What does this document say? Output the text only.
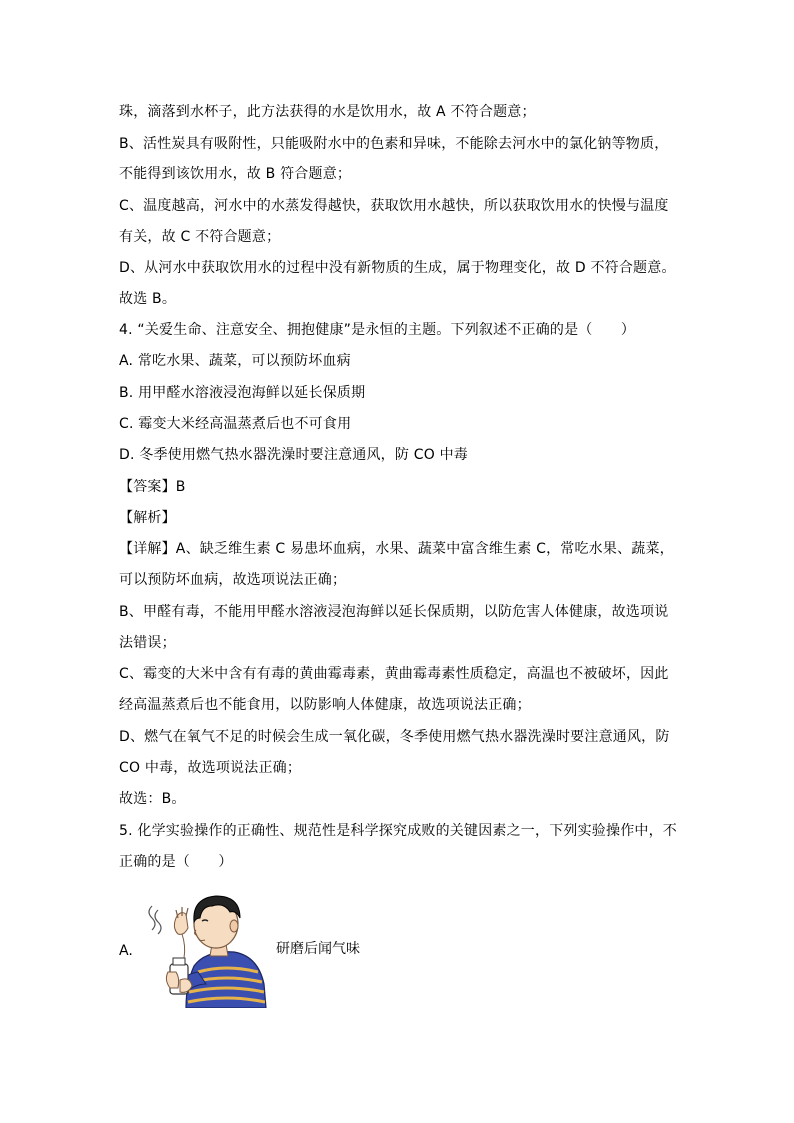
珠，滴落到水杯子，此方法获得的水是饮用水，故 A 不符合题意；
B、活性炭具有吸附性，只能吸附水中的色素和异味，不能除去河水中的氯化钠等物质，
不能得到该饮用水，故 B 符合题意；
C、温度越高，河水中的水蒸发得越快，获取饮用水越快，所以获取饮用水的快慢与温度
有关，故 C 不符合题意；
D、从河水中获取饮用水的过程中没有新物质的生成，属于物理变化，故 D 不符合题意。
故选 B。
4. “关爱生命、注意安全、拥抱健康”是永恒的主题。下列叙述不正确的是（　　）
A. 常吃水果、蔬菜，可以预防坏血病
B. 用甲醛水溶液浸泡海鲜以延长保质期
C. 霉变大米经高温蒸煮后也不可食用
D. 冬季使用燃气热水器洗澡时要注意通风，防 CO 中毒
【答案】B
【解析】
【详解】A、缺乏维生素 C 易患坏血病，水果、蔬菜中富含维生素 C，常吃水果、蔬菜，
可以预防坏血病，故选项说法正确；
B、甲醛有毒，不能用甲醛水溶液浸泡海鲜以延长保质期，以防危害人体健康，故选项说
法错误；
C、霉变的大米中含有有毒的黄曲霉毒素，黄曲霉毒素性质稳定，高温也不被破坏，因此
经高温蒸煮后也不能食用，以防影响人体健康，故选项说法正确；
D、燃气在氧气不足的时候会生成一氧化碳，冬季使用燃气热水器洗澡时要注意通风，防
CO 中毒，故选项说法正确；
故选：B。
5. 化学实验操作的正确性、规范性是科学探究成败的关键因素之一，下列实验操作中，不
正确的是（　　）
A.	研磨后闻气味
